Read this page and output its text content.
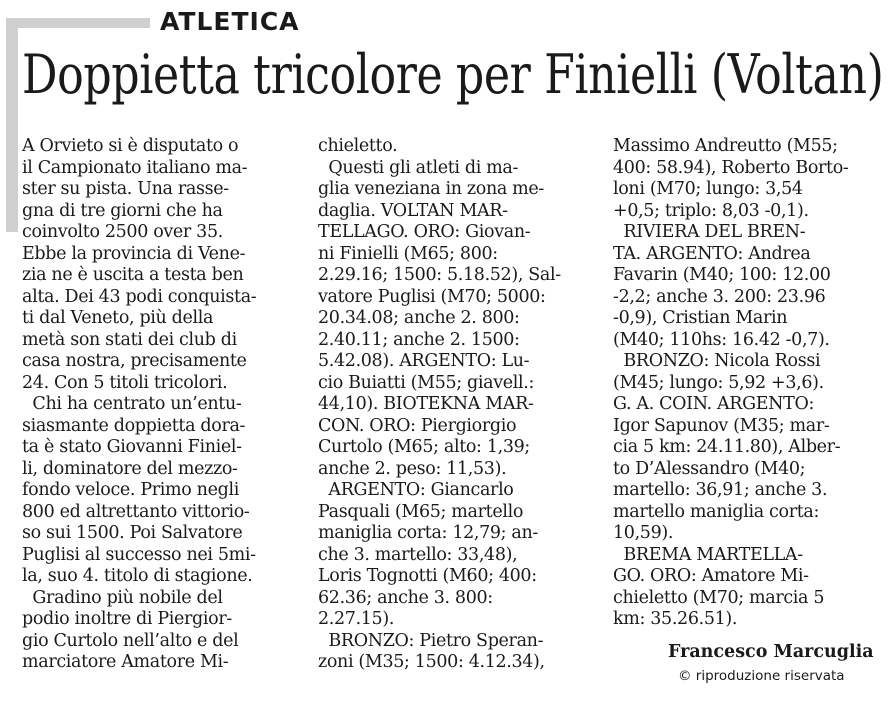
ATLETICA
Doppietta tricolore per Finielli (Voltan)
A Orvieto si è disputato o
il Campionato italiano ma-
ster su pista. Una rasse-
gna di tre giorni che ha
coinvolto 2500 over 35.
Ebbe la provincia di Vene-
zia ne è uscita a testa ben
alta. Dei 43 podi conquista-
ti dal Veneto, più della
metà son stati dei club di
casa nostra, precisamente
24. Con 5 titoli tricolori.
Chi ha centrato un’entu-
siasmante doppietta dora-
ta è stato Giovanni Finiel-
li, dominatore del mezzo-
fondo veloce. Primo negli
800 ed altrettanto vittorio-
so sui 1500. Poi Salvatore
Puglisi al successo nei 5mi-
la, suo 4. titolo di stagione.
Gradino più nobile del
podio inoltre di Piergior-
gio Curtolo nell’alto e del
marciatore Amatore Mi-
chieletto.
Questi gli atleti di ma-
glia veneziana in zona me-
daglia. VOLTAN MAR-
TELLAGO. ORO: Giovan-
ni Finielli (M65; 800:
2.29.16; 1500: 5.18.52), Sal-
vatore Puglisi (M70; 5000:
20.34.08; anche 2. 800:
2.40.11; anche 2. 1500:
5.42.08). ARGENTO: Lu-
cio Buiatti (M55; giavell.:
44,10). BIOTEKNA MAR-
CON. ORO: Piergiorgio
Curtolo (M65; alto: 1,39;
anche 2. peso: 11,53).
ARGENTO: Giancarlo
Pasquali (M65; martello
maniglia corta: 12,79; an-
che 3. martello: 33,48),
Loris Tognotti (M60; 400:
62.36; anche 3. 800:
2.27.15).
BRONZO: Pietro Speran-
zoni (M35; 1500: 4.12.34),
Massimo Andreutto (M55;
400: 58.94), Roberto Borto-
loni (M70; lungo: 3,54
+0,5; triplo: 8,03 -0,1).
RIVIERA DEL BREN-
TA. ARGENTO: Andrea
Favarin (M40; 100: 12.00
-2,2; anche 3. 200: 23.96
-0,9), Cristian Marin
(M40; 110hs: 16.42 -0,7).
BRONZO: Nicola Rossi
(M45; lungo: 5,92 +3,6).
G. A. COIN. ARGENTO:
Igor Sapunov (M35; mar-
cia 5 km: 24.11.80), Alber-
to D’Alessandro (M40;
martello: 36,91; anche 3.
martello maniglia corta:
10,59).
BREMA MARTELLA-
GO. ORO: Amatore Mi-
chieletto (M70; marcia 5
km: 35.26.51).

Francesco Marcuglia

© riproduzione riservata
